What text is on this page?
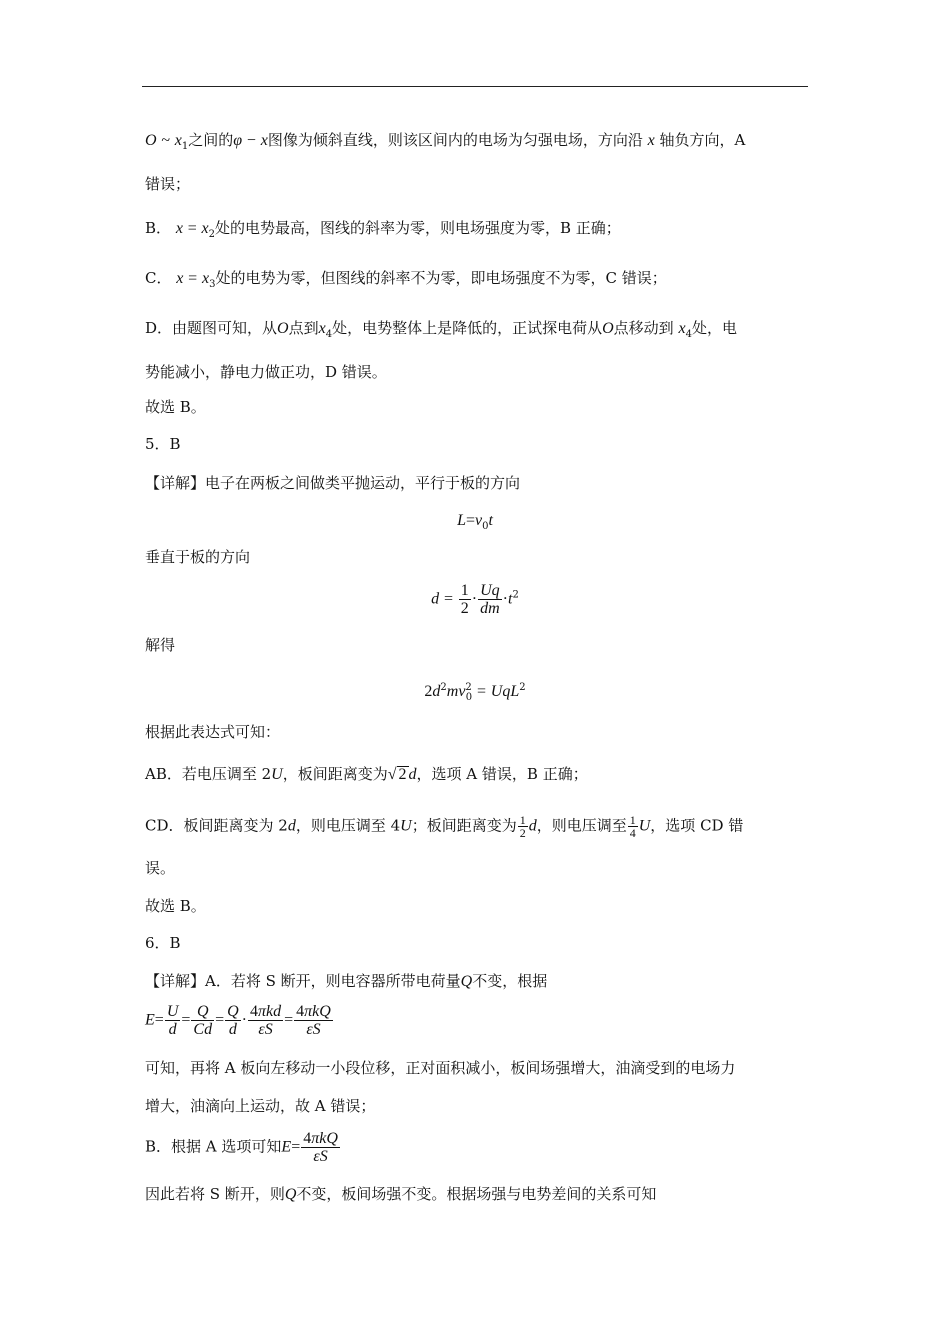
O ~ $x_1$之间的φ − x图像为倾斜直线，则该区间内的电场为匀强电场，方向沿 x 轴负方向，A
错误；
B． $x = x_2$处的电势最高，图线的斜率为零，则电场强度为零，B 正确；
C． $x = x_3$处的电势为零，但图线的斜率不为零，即电场强度不为零，C 错误；
D．由题图可知，从O点到$x_4$处，电势整体上是降低的，正试探电荷从O点移动到 $x_4$处，电
势能减小，静电力做正功，D 错误。
故选 B。
5．B
【详解】电子在两板之间做类平抛运动，平行于板的方向
$L=v_0t$
垂直于板的方向
$d = \frac{1}{2} \cdot \frac{Uq}{dm} \cdot t^2$
解得
$2d^2mv^2_0 = UqL^2$
根据此表达式可知：
AB．若电压调至 2U，板间距离变为√ 2 d，选项 A 错误，B 正确；
CD．板间距离变为 2d，则电压调至 4U；板间距离变为 $\frac{1}{2}$ d，则电压调至 $\frac{1}{4}$ U，选项 CD 错
误。
故选 B。
6．B
【详解】A．若将 S 断开，则电容器所带电荷量Q不变，根据
$E= \frac{U}{d} = \frac{Q}{Cd} = \frac{Q}{d} \cdot \frac{\text{4πkd}}{\varepsilon S} = \frac{\text{4πkQ}}{\varepsilon S}$
可知，再将 A 板向左移动一小段位移，正对面积减小，板间场强增大，油滴受到的电场力
增大，油滴向上运动，故 A 错误；
B．根据 A 选项可知$E= \frac{\text{4πkQ}}{\varepsilon S}$
因此若将 S 断开，则Q不变，板间场强不变。根据场强与电势差间的关系可知
